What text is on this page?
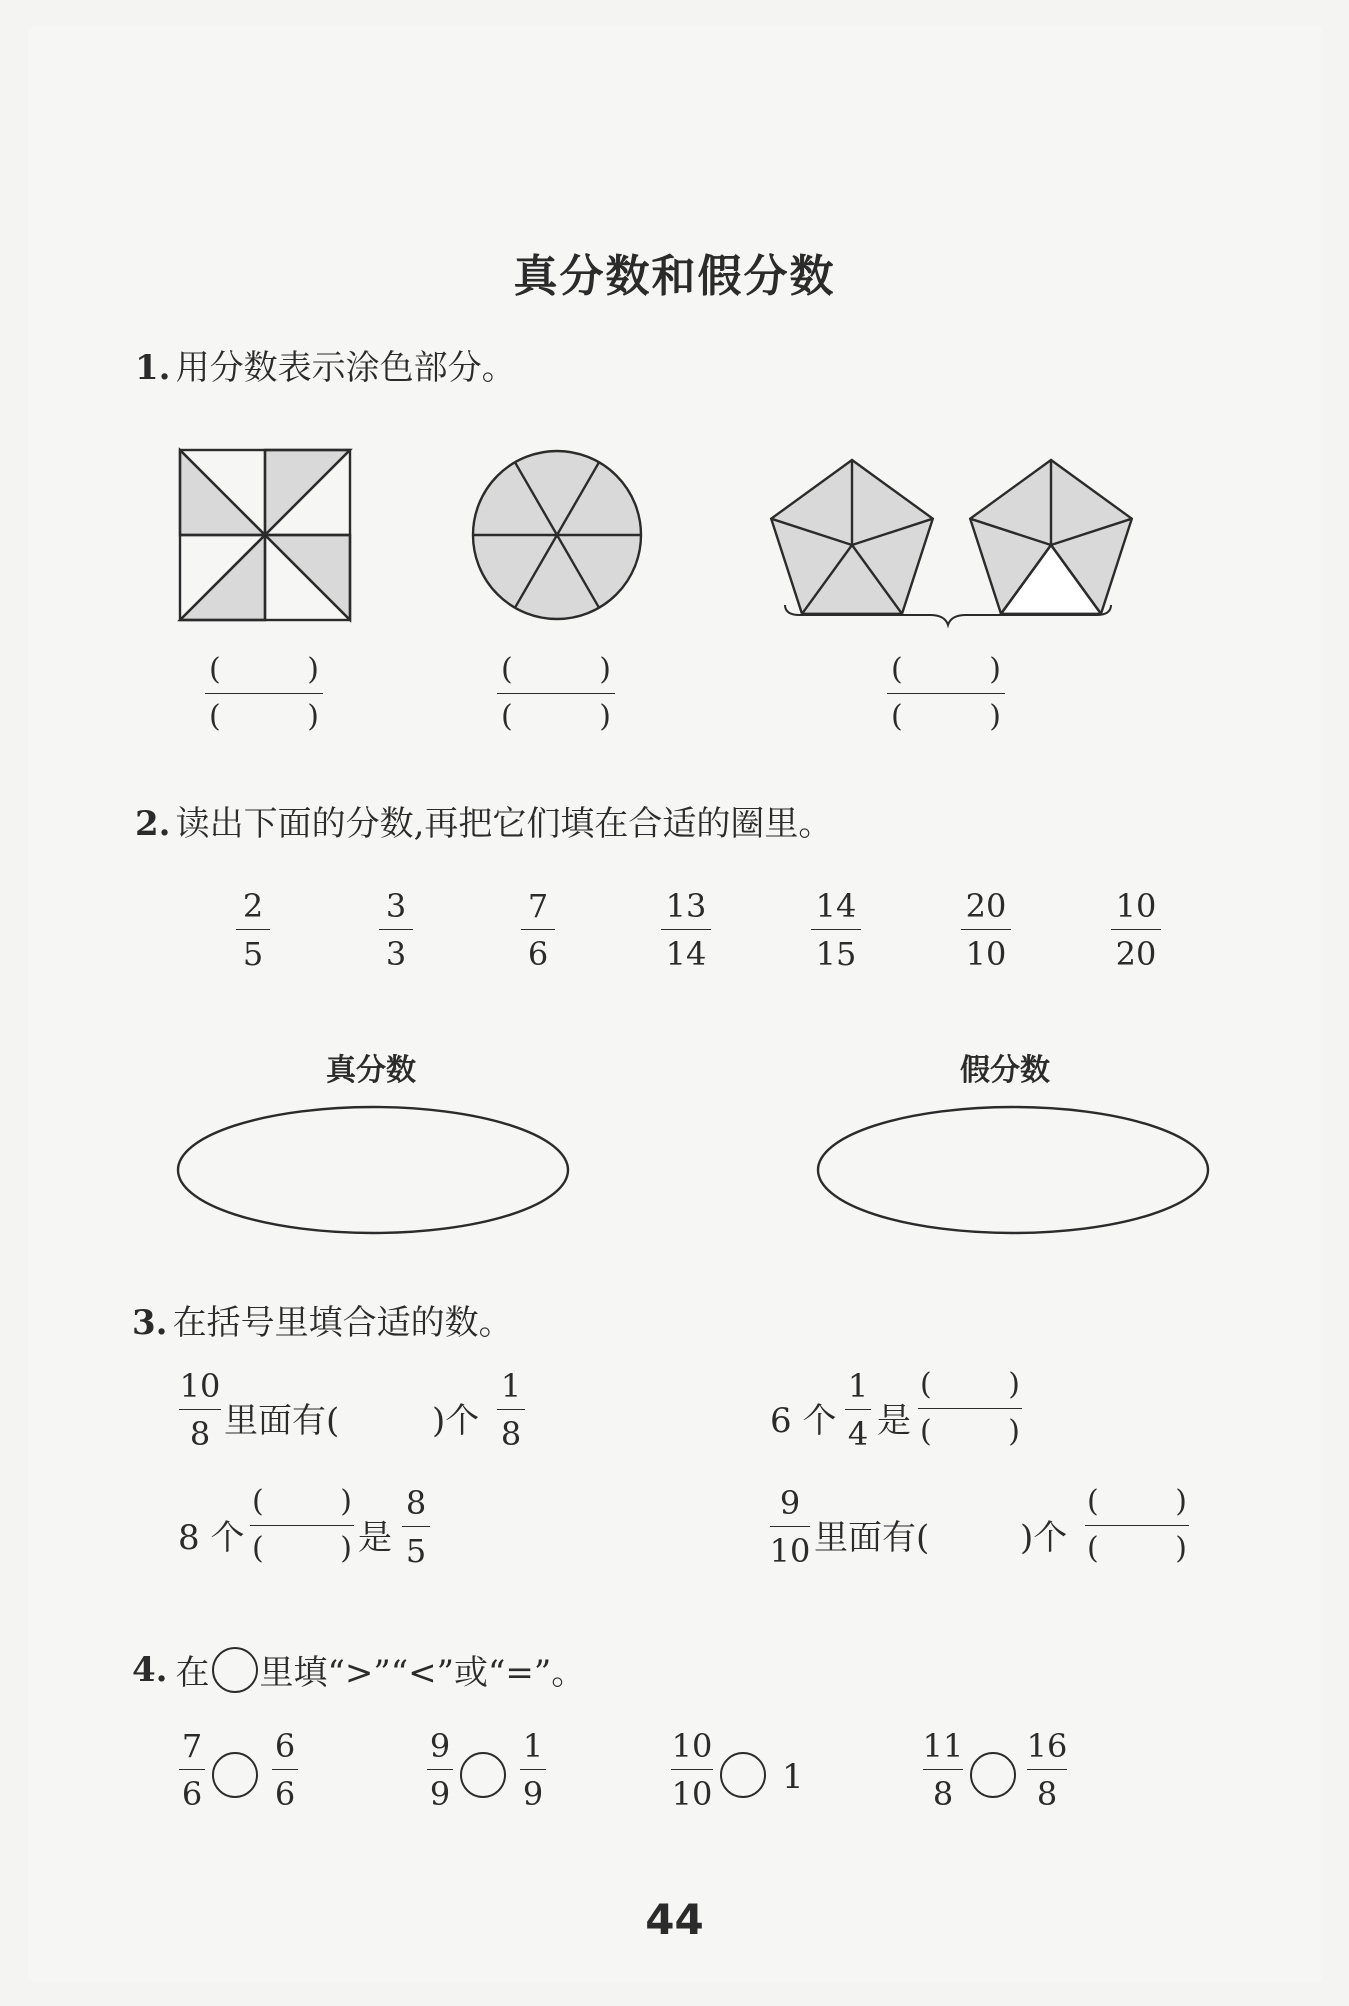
真分数和假分数
1. 用分数表示涂色部分。
(	)
(	)
(	)
(	)
(	)
(	)
2. 读出下面的分数,再把它们填在合适的圈里。
2
5
3
3
7
6
13
14
14
15
20
10
10
20
真分数	假分数
3. 在括号里填合适的数。
10
8 里面有(	)个
1
8	6 个
1
4 是
(	)
(	)
8 个
(	)
(	) 是
8
5
9
10 里面有(	)个
(	)
(	)
4. 在 里填“>”“<”或“=”。
7
6
6
6
9
9
1
9
10
10 1
11
8
16
8
44
